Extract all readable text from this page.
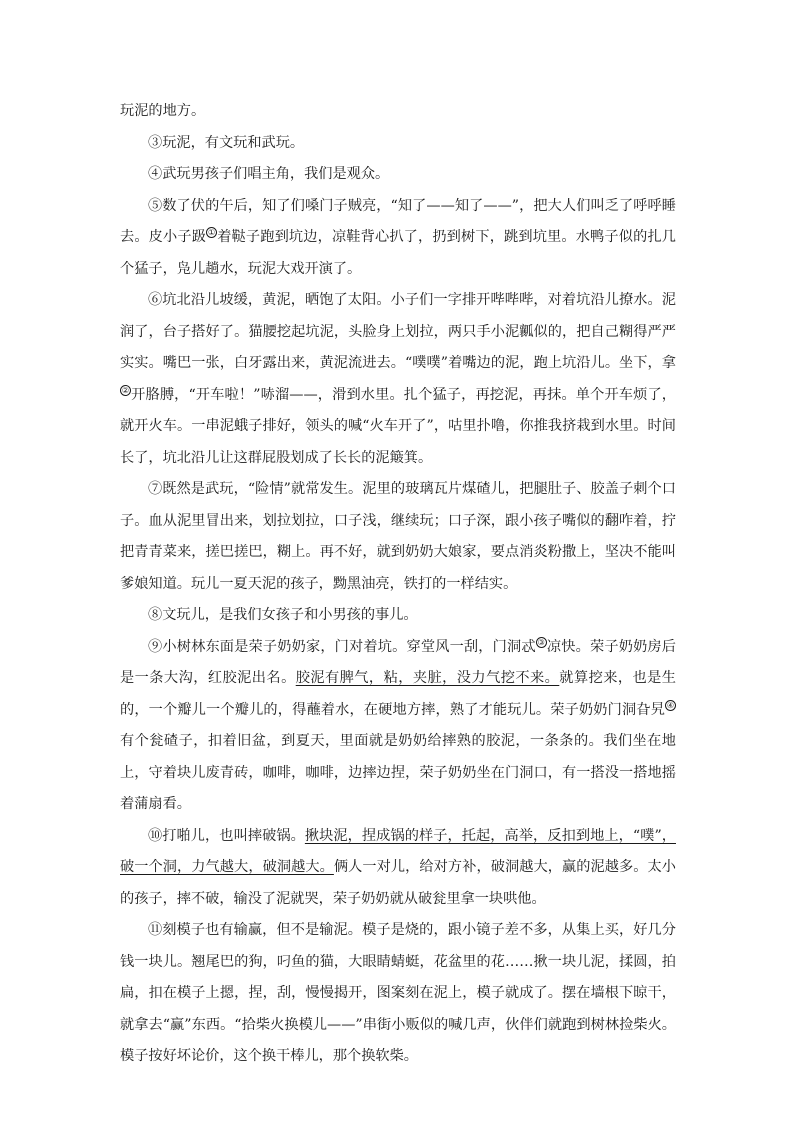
玩泥的地方。

③玩泥，有文玩和武玩。

④武玩男孩子们唱主角，我们是观众。

⑤数了伏的午后，知了们嗓门子贼亮，“知了——知了——”，把大人们叫乏了呼呼睡去。皮小子趿 ① 着鞑子跑到坑边，凉鞋背心扒了，扔到树下，跳到坑里。水鸭子似的扎几个猛子，凫儿趟水，玩泥大戏开演了。

⑥坑北沿儿坡缓，黄泥，晒饱了太阳。小子们一字排开哔哔哔，对着坑沿儿撩水。泥润了，台子搭好了。猫腰挖起坑泥，头脸身上划拉，两只手小泥瓤似的，把自己糊得严严实实。嘴巴一张，白牙露出来，黄泥流进去。“噗噗”着嘴边的泥，跑上坑沿儿。坐下，拿② 开胳膊，“开车啦！”哧溜——，滑到水里。扎个猛子，再挖泥，再抹。单个开车烦了，就开火车。一串泥蛾子排好，领头的喊“火车开了”，咕里扑噜，你推我挤栽到水里。时间长了，坑北沿儿让这群屁股划成了长长的泥簸箕。

⑦既然是武玩，“险情”就常发生。泥里的玻璃瓦片煤碴儿，把腿肚子、胶盖子刺个口子。血从泥里冒出来，划拉划拉，口子浅，继续玩；口子深，跟小孩子嘴似的翻咋着，拧把青青菜来，搓巴搓巴，糊上。再不好，就到奶奶大娘家，要点消炎粉撒上，坚决不能叫爹娘知道。玩儿一夏天泥的孩子，黝黑油亮，铁打的一样结实。

⑧文玩儿，是我们女孩子和小男孩的事儿。

⑨小树林东面是荣子奶奶家，门对着坑。穿堂风一刮，门洞忒 ③ 凉快。荣子奶奶房后是一条大沟，红胶泥出名。胶泥有脾气，粘，夹脏，没力气挖不来。就算挖来，也是生的，一个瓣儿一个瓣儿的，得蘸着水，在硬地方摔，熟了才能玩儿。荣子奶奶门洞旮旯 ④有个瓮碴子，扣着旧盆，到夏天，里面就是奶奶给摔熟的胶泥，一条条的。我们坐在地上，守着块儿废青砖，咖啡，咖啡，边摔边捏，荣子奶奶坐在门洞口，有一搭没一搭地摇着蒲扇看。

⑩打啪儿，也叫摔破锅。揪块泥，捏成锅的样子，托起，高举，反扣到地上，“噗”，破一个洞，力气越大，破洞越大。俩人一对儿，给对方补，破洞越大，赢的泥越多。太小的孩子，摔不破，输没了泥就哭，荣子奶奶就从破瓮里拿一块哄他。

⑪刻模子也有输赢，但不是输泥。模子是烧的，跟小镜子差不多，从集上买，好几分钱一块儿。翘尾巴的狗，叼鱼的猫，大眼睛蜻蜓，花盆里的花……揪一块儿泥，揉圆，拍扁，扣在模子上摁，捏，刮，慢慢揭开，图案刻在泥上，模子就成了。摆在墙根下晾干，就拿去“赢”东西。“拾柴火换模儿——”串街小贩似的喊几声，伙伴们就跑到树林捡柴火。模子按好坏论价，这个换干棒儿，那个换软柴。
